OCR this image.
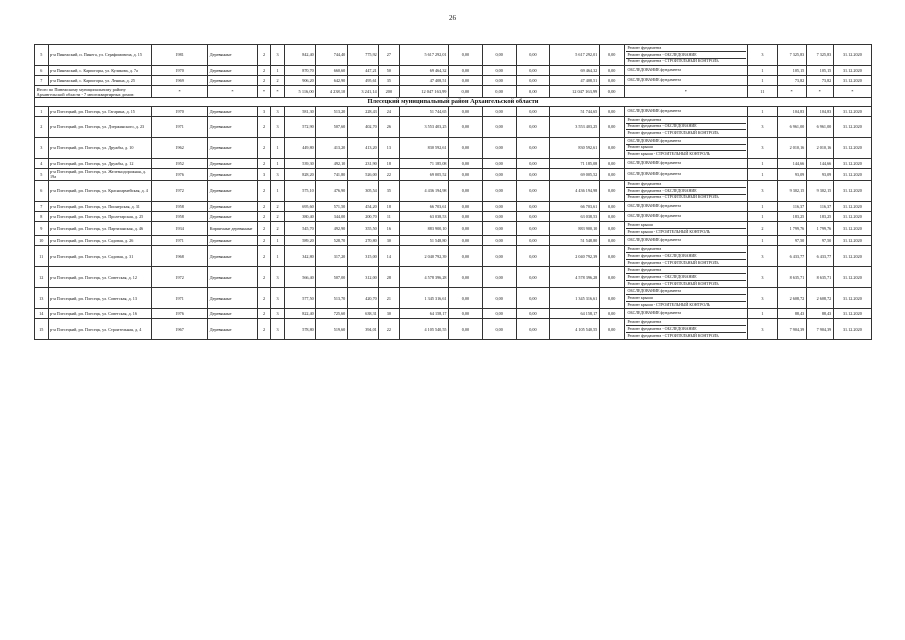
26
5	р-н Пинежский, п. Пинега, ул. Серафимовича, д. 15	1981	Деревянные	2	3	842,40	744,40	775,92	27	5 617 292,01	0,00	0,00	0,00	5 617 292,01	0,00	Ремонт фундамента
Ремонт фундамента - ОБСЛЕДОВАНИЕ
Ремонт фундамента - СТРОИТЕЛЬНЫЙ КОНТРОЛЬ	3	7 325,83	7 325,83	31.12.2020
6	р-н Пинежский, с. Карпогоры, ул. Куликова, д. 7а	1970	Деревянные	2	1	870,70	660,60	447,21	50	69 464,32	0,00	0,00	0,00	69 464,32	0,00	ОБСЛЕДОВАНИЕ фундамента	1	105,15	105,15	31.12.2020
7	р-н Пинежский, с. Карпогоры, ул. Ленина, д. 25	1969	Деревянные	2	2	906,20	642,90	495,61	35	47 408,51	0,00	0,00	0,00	47 408,51	0,00	ОБСЛЕДОВАНИЕ фундамента	1	73,82	73,82	31.12.2020
Итого по Пинежскому муниципальному району Архангельской области - 7 многоквартирных домов:		*	*	*	*	5 116,00	4 238,10	3 241,14	200	12 047 163,99	0,00	0,00	0,00	12 047 163,99	0,00	*	11	*	*	*
Плесецкий муниципальный район Архангельской области																				
1	р-н Плесецкий, рп. Плесецк, ул. Гагарина, д. 15	1970	Деревянные	3	3	581,30	513,20	228,43	24	51 744,65	0,00	0,00	0,00	51 744,65	0,00	ОБСЛЕДОВАНИЕ фундамента	1	104,83	104,83	31.12.2020
2	р-н Плесецкий, рп. Плесецк, ул. Дзержинского, д. 23	1971	Деревянные	2	3	572,90	507,60	402,70	26	3 553 403,25	0,00	0,00	0,00	3 553 403,25	0,00	Ремонт фундамента
Ремонт фундамента - ОБСЛЕДОВАНИЕ
Ремонт фундамента - СТРОИТЕЛЬНЫЙ КОНТРОЛЬ	3	6 961,00	6 961,00	31.12.2020
3	р-н Плесецкий, рп. Плесецк, ул. Дружбы, д. 10	1962	Деревянные	2	1	449,80	413,20	413,20	13	830 592,61	0,00	0,00	0,00	830 592,61	0,00	ОБСЛЕДОВАНИЕ фундамента
Ремонт крыши
Ремонт крыши - СТРОИТЕЛЬНЫЙ КОНТРОЛЬ	3	2 010,16	2 010,16	31.12.2020
4	р-н Плесецкий, рп. Плесецк, ул. Дружбы, д. 12	1952	Деревянные	2	1	539,30	492,10	231,90	18	71 185,08	0,00	0,00	0,00	71 185,08	0,00	ОБСЛЕДОВАНИЕ фундамента	1	144,66	144,66	31.12.2020
5	р-н Плесецкий, рп. Плесецк, ул. Железнодорожная, д. 19а	1976	Деревянные	3	3	828,20	741,80	526,00	22	69 005,52	0,00	0,00	0,00	69 005,52	0,00	ОБСЛЕДОВАНИЕ фундамента	1	93,09	93,09	31.12.2020
6	р-н Плесецкий, рп. Плесецк, ул. Красноармейская, д. 4	1972	Деревянные	2	1	575,10	476,90	305,54	35	4 436 194,98	0,00	0,00	0,00	4 436 194,98	0,00	Ремонт фундамента
Ремонт фундамента - ОБСЛЕДОВАНИЕ
Ремонт фундамента - СТРОИТЕЛЬНЫЙ КОНТРОЛЬ	3	9 302,15	9 302,15	31.12.2020
7	р-н Плесецкий, рп. Плесецк, ул. Пионерская, д. 31	1958	Деревянные	2	2	695,60	571,50	454,20	18	66 703,61	0,00	0,00	0,00	66 703,61	0,00	ОБСЛЕДОВАНИЕ фундамента	1	116,37	116,37	31.12.2020
8	р-н Плесецкий, рп. Плесецк, ул. Пролетарская, д. 25	1958	Деревянные	2	2	380,40	344,00	200,70	11	63 038,53	0,00	0,00	0,00	63 038,53	0,00	ОБСЛЕДОВАНИЕ фундамента	1	183,25	183,25	31.12.2020
9	р-н Плесецкий, рп. Плесецк, ул. Партизанская, д. 46	1934	Кирпичные деревянные	2	2	545,70	492,90	355,50	16	883 900,10	0,00	0,00	0,00	883 900,10	0,00	Ремонт крыши
Ремонт крыши - СТРОИТЕЛЬНЫЙ КОНТРОЛЬ	2	1 799,76	1 799,76	31.12.2020
10	р-н Плесецкий, рп. Плесецк, ул. Садовая, д. 26	1971	Деревянные	2	1	589,20	528,70	270,80	30	51 548,80	0,00	0,00	0,00	51 548,80	0,00	ОБСЛЕДОВАНИЕ фундамента	1	97,50	97,50	31.12.2020
11	р-н Плесецкий, рп. Плесецк, ул. Садовая, д. 31	1968	Деревянные	2	1	342,80	317,20	315,00	14	2 040 792,39	0,00	0,00	0,00	2 040 792,39	0,00	Ремонт фундамента
Ремонт фундамента - ОБСЛЕДОВАНИЕ
Ремонт фундамента - СТРОИТЕЛЬНЫЙ КОНТРОЛЬ	3	6 433,77	6 433,77	31.12.2020
12	р-н Плесецкий, рп. Плесецк, ул. Советская, д. 12	1972	Деревянные	2	3	566,40	507,00	312,00	28	4 578 396,28	0,00	0,00	0,00	4 578 396,28	0,00	Ремонт фундамента
Ремонт фундамента - ОБСЛЕДОВАНИЕ
Ремонт фундамента - СТРОИТЕЛЬНЫЙ КОНТРОЛЬ	3	8 635,71	8 635,71	31.12.2020
13	р-н Плесецкий, рп. Плесецк, ул. Советская, д. 13	1971	Деревянные	2	3	577,50	513,70	420,70	21	1 345 316,61	0,00	0,00	0,00	1 345 316,61	0,00	ОБСЛЕДОВАНИЕ фундамента
Ремонт крыши
Ремонт крыши - СТРОИТЕЛЬНЫЙ КОНТРОЛЬ	3	2 608,72	2 608,72	31.12.2020
14	р-н Плесецкий, рп. Плесецк, ул. Советская, д. 16	1976	Деревянные	2	3	822,40	725,60	638,31	30	64 158,17	0,00	0,00	0,00	64 158,17	0,00	ОБСЛЕДОВАНИЕ фундамента	1	88,43	88,43	31.12.2020
15	р-н Плесецкий, рп. Плесецк, ул. Строительная, д. 4	1967	Деревянные	2	3	578,80	519,60	394,01	22	4 105 540,55	0,00	0,00	0,00	4 105 540,55	0,00	Ремонт фундамента
Ремонт фундамента - ОБСЛЕДОВАНИЕ
Ремонт фундамента - СТРОИТЕЛЬНЫЙ КОНТРОЛЬ	3	7 904,39	7 904,39	31.12.2020
